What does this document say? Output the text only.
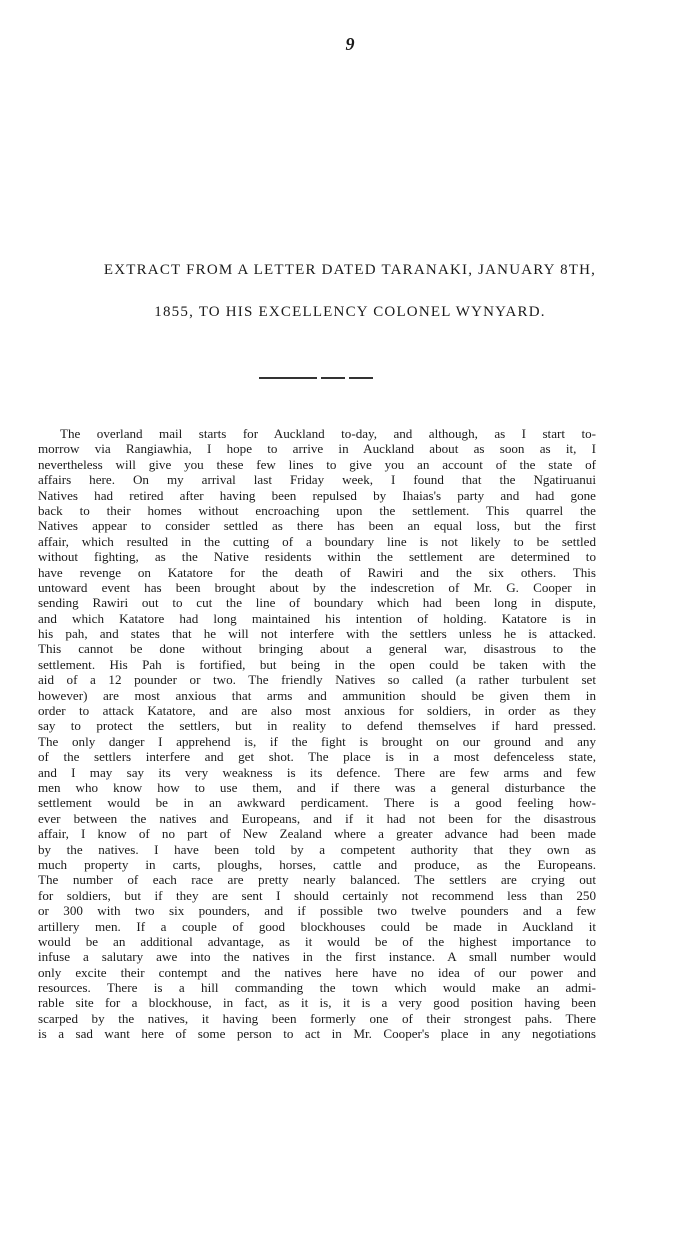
9
EXTRACT FROM A LETTER DATED TARANAKI, JANUARY 8TH,
1855, TO HIS EXCELLENCY COLONEL WYNYARD.
The overland mail starts for Auckland to-day, and although, as I start to-
morrow via Rangiawhia, I hope to arrive in Auckland about as soon as it, I
nevertheless will give you these few lines to give you an account of the state of
affairs here. On my arrival last Friday week, I found that the Ngatiruanui
Natives had retired after having been repulsed by Ihaias's party and had gone
back to their homes without encroaching upon the settlement. This quarrel the
Natives appear to consider settled as there has been an equal loss, but the first
affair, which resulted in the cutting of a boundary line is not likely to be settled
without fighting, as the Native residents within the settlement are determined to
have revenge on Katatore for the death of Rawiri and the six others. This
untoward event has been brought about by the indescretion of Mr. G. Cooper in
sending Rawiri out to cut the line of boundary which had been long in dispute,
and which Katatore had long maintained his intention of holding. Katatore is in
his pah, and states that he will not interfere with the settlers unless he is attacked.
This cannot be done without bringing about a general war, disastrous to the
settlement. His Pah is fortified, but being in the open could be taken with the
aid of a 12 pounder or two. The friendly Natives so called (a rather turbulent set
however) are most anxious that arms and ammunition should be given them in
order to attack Katatore, and are also most anxious for soldiers, in order as they
say to protect the settlers, but in reality to defend themselves if hard pressed.
The only danger I apprehend is, if the fight is brought on our ground and any
of the settlers interfere and get shot. The place is in a most defenceless state,
and I may say its very weakness is its defence. There are few arms and few
men who know how to use them, and if there was a general disturbance the
settlement would be in an awkward perdicament. There is a good feeling how-
ever between the natives and Europeans, and if it had not been for the disastrous
affair, I know of no part of New Zealand where a greater advance had been made
by the natives. I have been told by a competent authority that they own as
much property in carts, ploughs, horses, cattle and produce, as the Europeans.
The number of each race are pretty nearly balanced. The settlers are crying out
for soldiers, but if they are sent I should certainly not recommend less than 250
or 300 with two six pounders, and if possible two twelve pounders and a few
artillery men. If a couple of good blockhouses could be made in Auckland it
would be an additional advantage, as it would be of the highest importance to
infuse a salutary awe into the natives in the first instance. A small number would
only excite their contempt and the natives here have no idea of our power and
resources. There is a hill commanding the town which would make an admi-
rable site for a blockhouse, in fact, as it is, it is a very good position having been
scarped by the natives, it having been formerly one of their strongest pahs. There
is a sad want here of some person to act in Mr. Cooper's place in any negotiations
